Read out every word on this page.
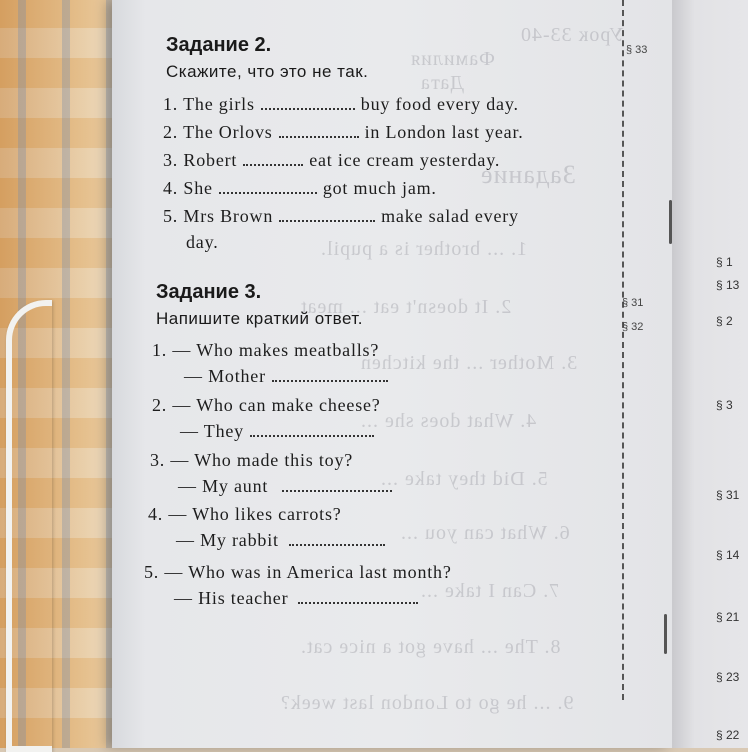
Урок 33-40
Фамилия
Дата
Задание
1. ... brother is a pupil.
2. It doesn't eat ... meat
3. Mother ... the kitchen
4. What does she ...
5. Did they take ...
6. What can you ...
7. Can I take ...
8. The ... have got a nice cat.
9. ... he go to London last week?
Задание 2.
Скажите, что это не так.
§ 33
1. The girls	buy food every day.
2. The Orlovs	in London last year.
3. Robert	eat ice cream yesterday.
4. She	got much jam.
5. Mrs Brown	make salad every
day.
Задание 3.
Напишите краткий ответ.
§ 31
§ 32
1. — Who makes meatballs?
— Mother
2. — Who can make cheese?
— They
3. — Who made this toy?
— My aunt
4. — Who likes carrots?
— My rabbit
5. — Who was in America last month?
— His teacher
§ 1
§ 13
§ 2
§ 3
§ 31
§ 14
§ 21
§ 23
§ 22
